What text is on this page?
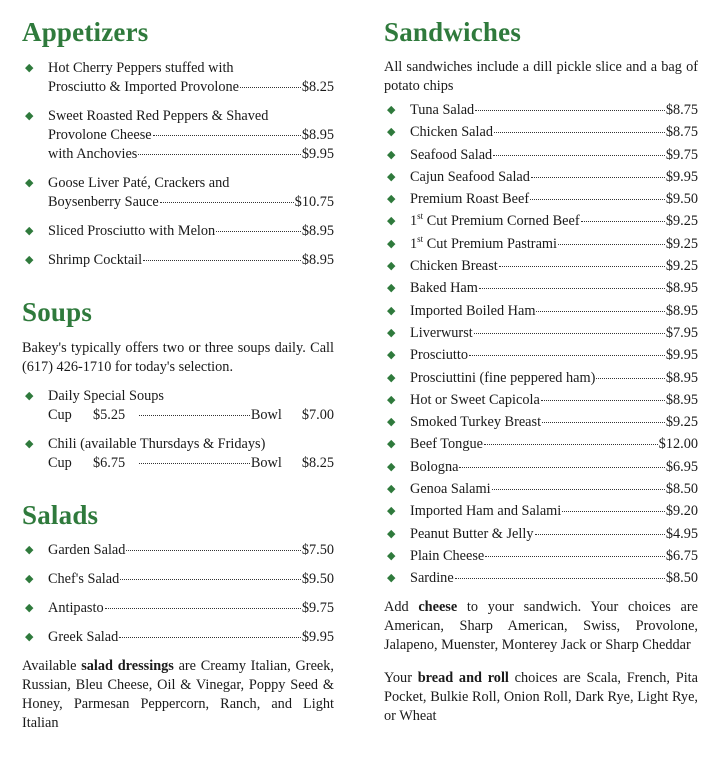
Appetizers
◆ Hot Cherry Peppers stuffed with
Prosciutto & Imported Provolone	$8.25
◆ Sweet Roasted Red Peppers & Shaved
Provolone Cheese	$8.95
with Anchovies	$9.95
◆ Goose Liver Paté, Crackers and
Boysenberry Sauce	$10.75
◆ Sliced Prosciutto with Melon	$8.95
◆ Shrimp Cocktail	$8.95
Soups
Bakey's typically offers two or three soups daily. Call (617) 426-1710 for today's selection.
◆ Daily Special Soups
Cup	$5.25	Bowl $7.00
◆ Chili (available Thursdays & Fridays)
Cup	$6.75	Bowl $8.25
Salads
◆ Garden Salad	$7.50
◆ Chef's Salad	$9.50
◆ Antipasto	$9.75
◆ Greek Salad	$9.95
Available salad dressings are Creamy Italian, Greek, Russian, Bleu Cheese, Oil & Vinegar, Poppy Seed & Honey, Parmesan Peppercorn, Ranch, and Light Italian
Sandwiches
All sandwiches include a dill pickle slice and a bag of potato chips
◆ Tuna Salad	$8.75
◆ Chicken Salad	$8.75
◆ Seafood Salad	$9.75
◆ Cajun Seafood Salad	$9.95
◆ Premium Roast Beef	$9.50
◆ 1st Cut Premium Corned Beef	$9.25
◆ 1st Cut Premium Pastrami	$9.25
◆ Chicken Breast	$9.25
◆ Baked Ham	$8.95
◆ Imported Boiled Ham	$8.95
◆ Liverwurst	$7.95
◆ Prosciutto	$9.95
◆ Prosciuttini (fine peppered ham)	$8.95
◆ Hot or Sweet Capicola	$8.95
◆ Smoked Turkey Breast	$9.25
◆ Beef Tongue	$12.00
◆ Bologna	$6.95
◆ Genoa Salami	$8.50
◆ Imported Ham and Salami	$9.20
◆ Peanut Butter & Jelly	$4.95
◆ Plain Cheese	$6.75
◆ Sardine	$8.50
Add cheese to your sandwich. Your choices are American, Sharp American, Swiss, Provolone, Jalapeno, Muenster, Monterey Jack or Sharp Cheddar
Your bread and roll choices are Scala, French, Pita Pocket, Bulkie Roll, Onion Roll, Dark Rye, Light Rye, or Wheat
